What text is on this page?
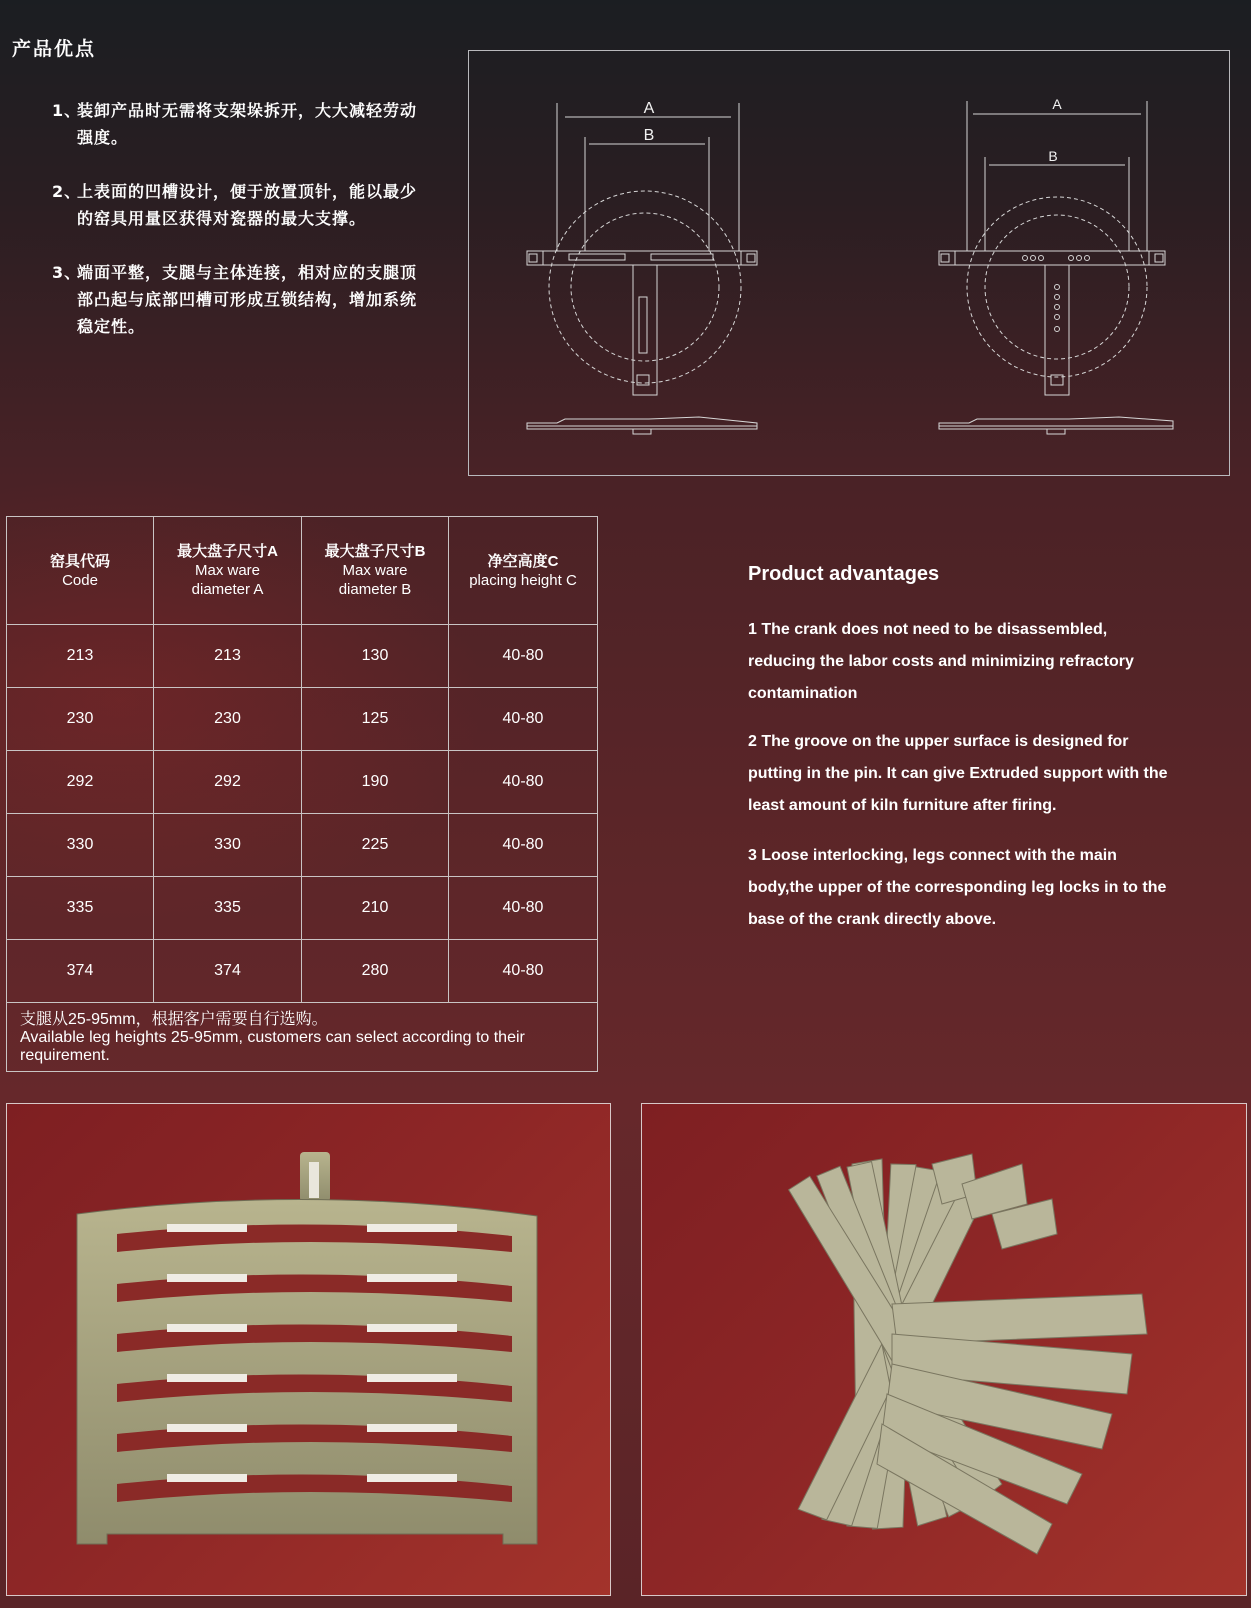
产品优点
1、
装卸产品时无需将支架垛拆开，大大减轻劳动强度。
2、
上表面的凹槽设计，便于放置顶针，能以最少的窑具用量区获得对瓷器的最大支撑。
3、
端面平整，支腿与主体连接，相对应的支腿顶部凸起与底部凹槽可形成互锁结构，增加系统稳定性。
A
B
A
B
窑具代码
Code	最大盘子尺寸A
Max ware
diameter A	最大盘子尺寸B
Max ware
diameter B	净空高度C
placing height C

213	213	130	40-80
230	230	125	40-80
292	292	190	40-80
330	330	225	40-80
335	335	210	40-80
374	374	280	40-80

支腿从25-95mm，根据客户需要自行选购。
Available leg heights 25-95mm, customers can select according to their requirement.			
Product advantages
1 The crank does not need to be disassembled, reducing the labor costs and minimizing refractory contamination
2 The groove on the upper surface is designed for putting in the pin. It can give Extruded support with the least amount of kiln furniture after firing.
3 Loose interlocking, legs connect with the main body,the upper of the corresponding leg locks in to the base of the crank directly above.
